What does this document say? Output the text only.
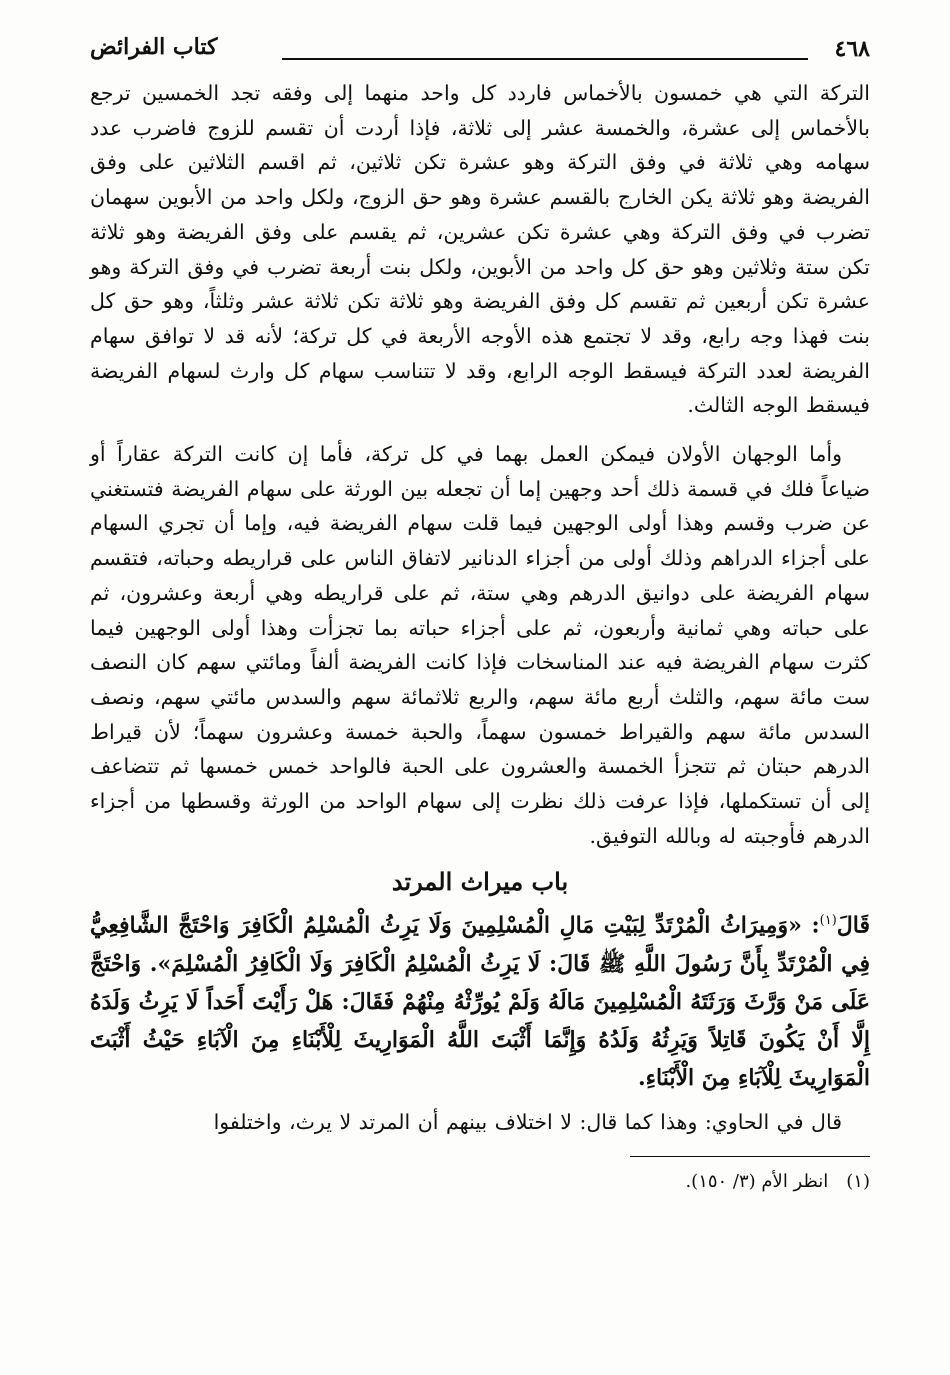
٤٦٨
كتاب الفرائض

التركة التي هي خمسون بالأخماس فاردد كل واحد منهما إلى وفقه تجد الخمسين ترجع بالأخماس إلى عشرة، والخمسة عشر إلى ثلاثة، فإذا أردت أن تقسم للزوج فاضرب عدد سهامه وهي ثلاثة في وفق التركة وهو عشرة تكن ثلاثين، ثم اقسم الثلاثين على وفق الفريضة وهو ثلاثة يكن الخارج بالقسم عشرة وهو حق الزوج، ولكل واحد من الأبوين سهمان تضرب في وفق التركة وهي عشرة تكن عشرين، ثم يقسم على وفق الفريضة وهو ثلاثة تكن ستة وثلاثين وهو حق كل واحد من الأبوين، ولكل بنت أربعة تضرب في وفق التركة وهو عشرة تكن أربعين ثم تقسم كل وفق الفريضة وهو ثلاثة تكن ثلاثة عشر وثلثاً، وهو حق كل بنت فهذا وجه رابع، وقد لا تجتمع هذه الأوجه الأربعة في كل تركة؛ لأنه قد لا توافق سهام الفريضة لعدد التركة فيسقط الوجه الرابع، وقد لا تتناسب سهام كل وارث لسهام الفريضة فيسقط الوجه الثالث.

وأما الوجهان الأولان فيمكن العمل بهما في كل تركة، فأما إن كانت التركة عقاراً أو ضياعاً فلك في قسمة ذلك أحد وجهين إما أن تجعله بين الورثة على سهام الفريضة فتستغني عن ضرب وقسم وهذا أولى الوجهين فيما قلت سهام الفريضة فيه، وإما أن تجري السهام على أجزاء الدراهم وذلك أولى من أجزاء الدنانير لاتفاق الناس على قراريطه وحباته، فتقسم سهام الفريضة على دوانيق الدرهم وهي ستة، ثم على قراريطه وهي أربعة وعشرون، ثم على حباته وهي ثمانية وأربعون، ثم على أجزاء حباته بما تجزأت وهذا أولى الوجهين فيما كثرت سهام الفريضة فيه عند المناسخات فإذا كانت الفريضة ألفاً ومائتي سهم كان النصف ست مائة سهم، والثلث أربع مائة سهم، والربع ثلاثمائة سهم والسدس مائتي سهم، ونصف السدس مائة سهم والقيراط خمسون سهماً، والحبة خمسة وعشرون سهماً؛ لأن قيراط الدرهم حبتان ثم تتجزأ الخمسة والعشرون على الحبة فالواحد خمس خمسها ثم تتضاعف إلى أن تستكملها، فإذا عرفت ذلك نظرت إلى سهام الواحد من الورثة وقسطها من أجزاء الدرهم فأوجبته له وبالله التوفيق.

باب ميراث المرتد

قَالَ$^{(١)}$: «وَمِيرَاثُ الْمُرْتَدِّ لِبَيْتِ مَالِ الْمُسْلِمِينَ وَلَا يَرِثُ الْمُسْلِمُ الْكَافِرَ وَاحْتَجَّ الشَّافِعِيُّ فِي الْمُرْتَدِّ بِأَنَّ رَسُولَ اللَّهِ ﷺ قَالَ: لَا يَرِثُ الْمُسْلِمُ الْكَافِرَ وَلَا الْكَافِرُ الْمُسْلِمَ». وَاحْتَجَّ عَلَى مَنْ وَرَّثَ وَرَثَتَهُ الْمُسْلِمِينَ مَالَهُ وَلَمْ يُورِّثْهُ مِنْهُمْ فَقَالَ: هَلْ رَأَيْتَ أَحَداً لَا يَرِثُ وَلَدَهُ إِلَّا أَنْ يَكُونَ قَاتِلاً وَيَرِثُهُ وَلَدُهُ وَإِنَّمَا أَثْبَتَ اللَّهُ الْمَوَارِيثَ لِلْأَبْنَاءِ مِنَ الْآبَاءِ حَيْثُ أَثْبَتَ الْمَوَارِيثَ لِلْآبَاءِ مِنَ الْأَبْنَاءِ.

قال في الحاوي: وهذا كما قال: لا اختلاف بينهم أن المرتد لا يرث، واختلفوا

(١)انظر الأم (٣/ ١٥٠).
